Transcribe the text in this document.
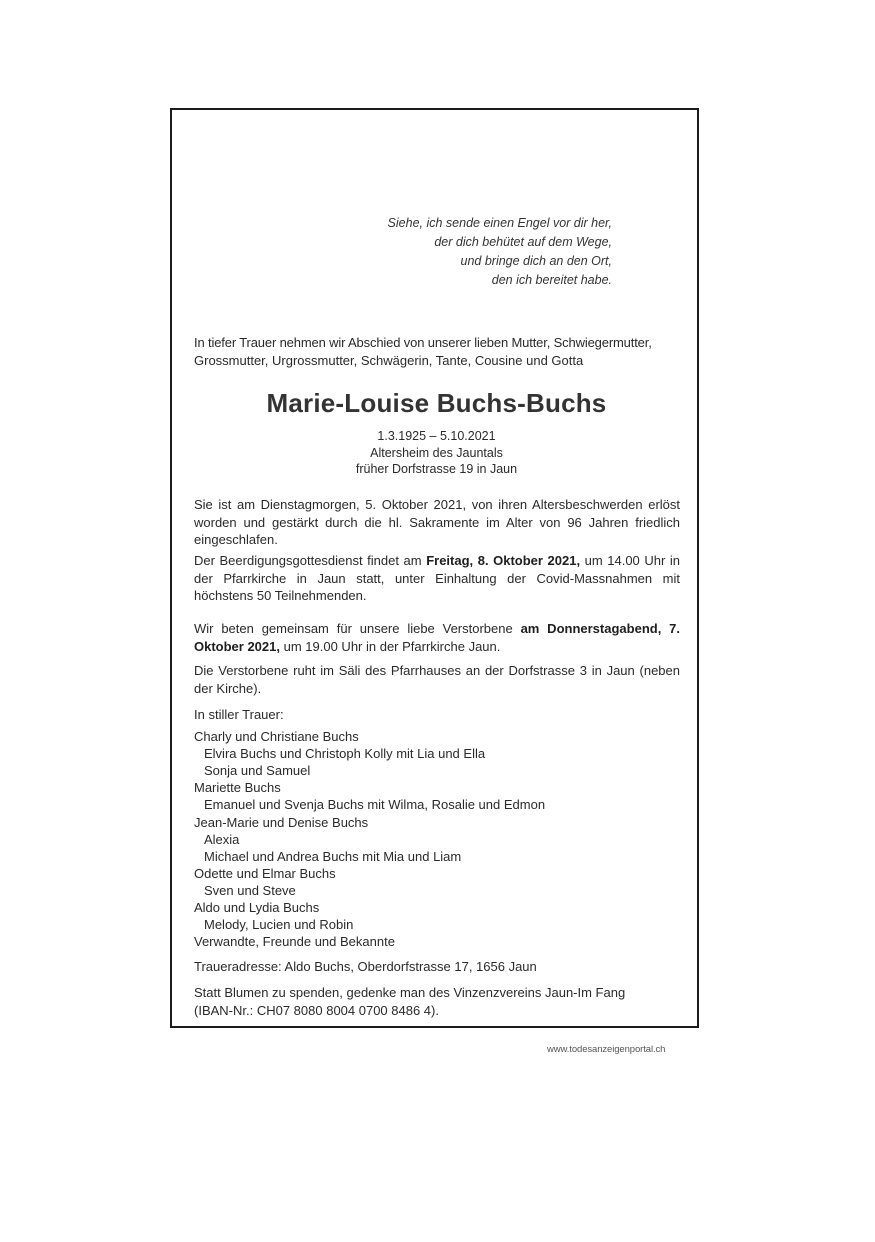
Siehe, ich sende einen Engel vor dir her,
der dich behütet auf dem Wege,
und bringe dich an den Ort,
den ich bereitet habe.
In tiefer Trauer nehmen wir Abschied von unserer lieben Mutter, Schwiegermutter,
Grossmutter, Urgrossmutter, Schwägerin, Tante, Cousine und Gotta
Marie-Louise Buchs-Buchs
1.3.1925 – 5.10.2021
Altersheim des Jauntals
früher Dorfstrasse 19 in Jaun
Sie ist am Dienstagmorgen, 5. Oktober 2021, von ihren Altersbeschwerden erlöst worden und gestärkt durch die hl. Sakramente im Alter von 96 Jahren friedlich eingeschlafen.
Der Beerdigungsgottesdienst findet am Freitag, 8. Oktober 2021, um 14.00 Uhr in der Pfarrkirche in Jaun statt, unter Einhaltung der Covid-Massnahmen mit höchstens 50 Teilnehmenden.
Wir beten gemeinsam für unsere liebe Verstorbene am Donnerstagabend, 7. Oktober 2021, um 19.00 Uhr in der Pfarrkirche Jaun.
Die Verstorbene ruht im Säli des Pfarrhauses an der Dorfstrasse 3 in Jaun (neben der Kirche).
In stiller Trauer:
Charly und Christiane Buchs
Elvira Buchs und Christoph Kolly mit Lia und Ella
Sonja und Samuel
Mariette Buchs
Emanuel und Svenja Buchs mit Wilma, Rosalie und Edmon
Jean-Marie und Denise Buchs
Alexia
Michael und Andrea Buchs mit Mia und Liam
Odette und Elmar Buchs
Sven und Steve
Aldo und Lydia Buchs
Melody, Lucien und Robin
Verwandte, Freunde und Bekannte
Traueradresse: Aldo Buchs, Oberdorfstrasse 17, 1656 Jaun
Statt Blumen zu spenden, gedenke man des Vinzenzvereins Jaun-Im Fang
(IBAN-Nr.: CH07 8080 8004 0700 8486 4).
www.todesanzeigenportal.ch
